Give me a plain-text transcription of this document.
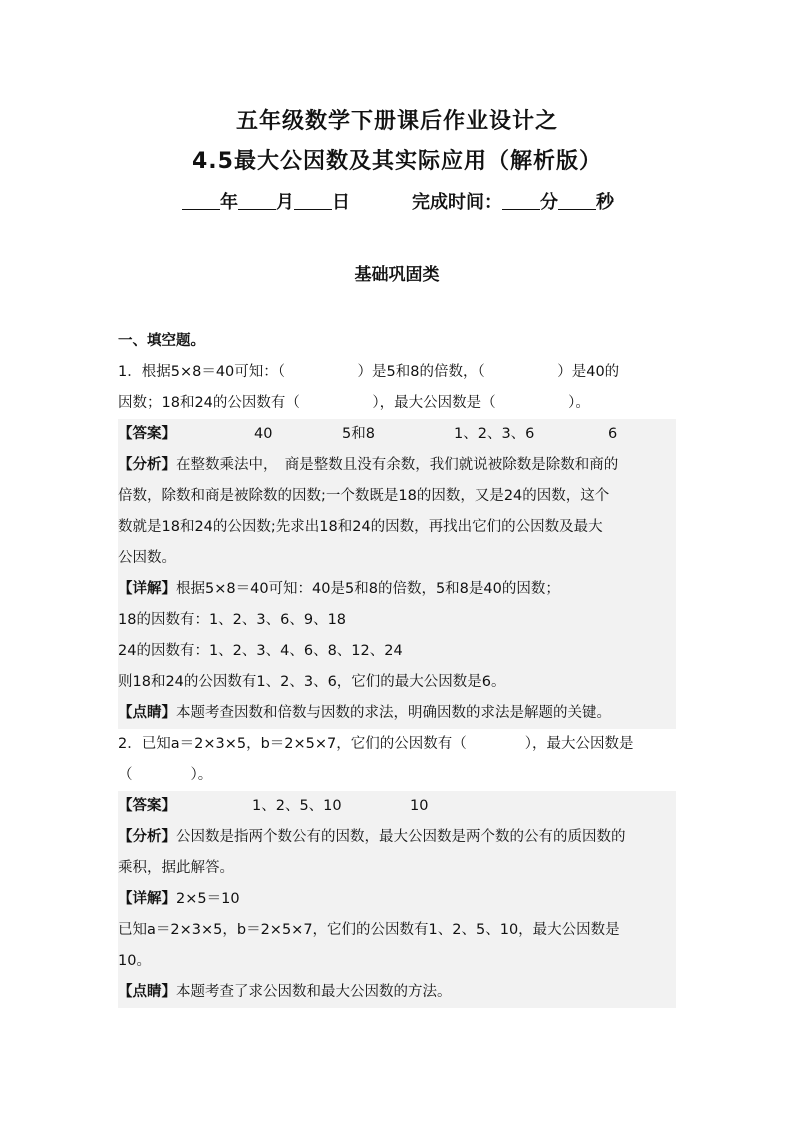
五年级数学下册课后作业设计之
4.5最大公因数及其实际应用（解析版）
年 月 日	完成时间： 分 秒
基础巩固类
一、填空题。
1．根据5×8＝40可知：（　　　　　）是5和8的倍数，（　　　　　）是40的
因数；18和24的公因数有（　　　　　），最大公因数是（　　　　　）。
【答案】	40	5和8	1、2、3、6	6
【分析】在整数乘法中，　商是整数且没有余数，我们就说被除数是除数和商的
倍数，除数和商是被除数的因数;一个数既是18的因数，又是24的因数，这个
数就是18和24的公因数;先求出18和24的因数，再找出它们的公因数及最大
公因数。
【详解】根据5×8＝40可知：40是5和8的倍数，5和8是40的因数；
18的因数有：1、2、3、6、9、18
24的因数有：1、2、3、4、6、8、12、24
则18和24的公因数有1、2、3、6，它们的最大公因数是6。
【点睛】本题考查因数和倍数与因数的求法，明确因数的求法是解题的关键。
2．已知a＝2×3×5，b＝2×5×7，它们的公因数有（　　　　），最大公因数是
（　　　　）。
【答案】	1、2、5、10	10
【分析】公因数是指两个数公有的因数，最大公因数是两个数的公有的质因数的
乘积，据此解答。
【详解】2×5＝10
已知a＝2×3×5，b＝2×5×7，它们的公因数有1、2、5、10，最大公因数是
10。
【点睛】本题考查了求公因数和最大公因数的方法。
